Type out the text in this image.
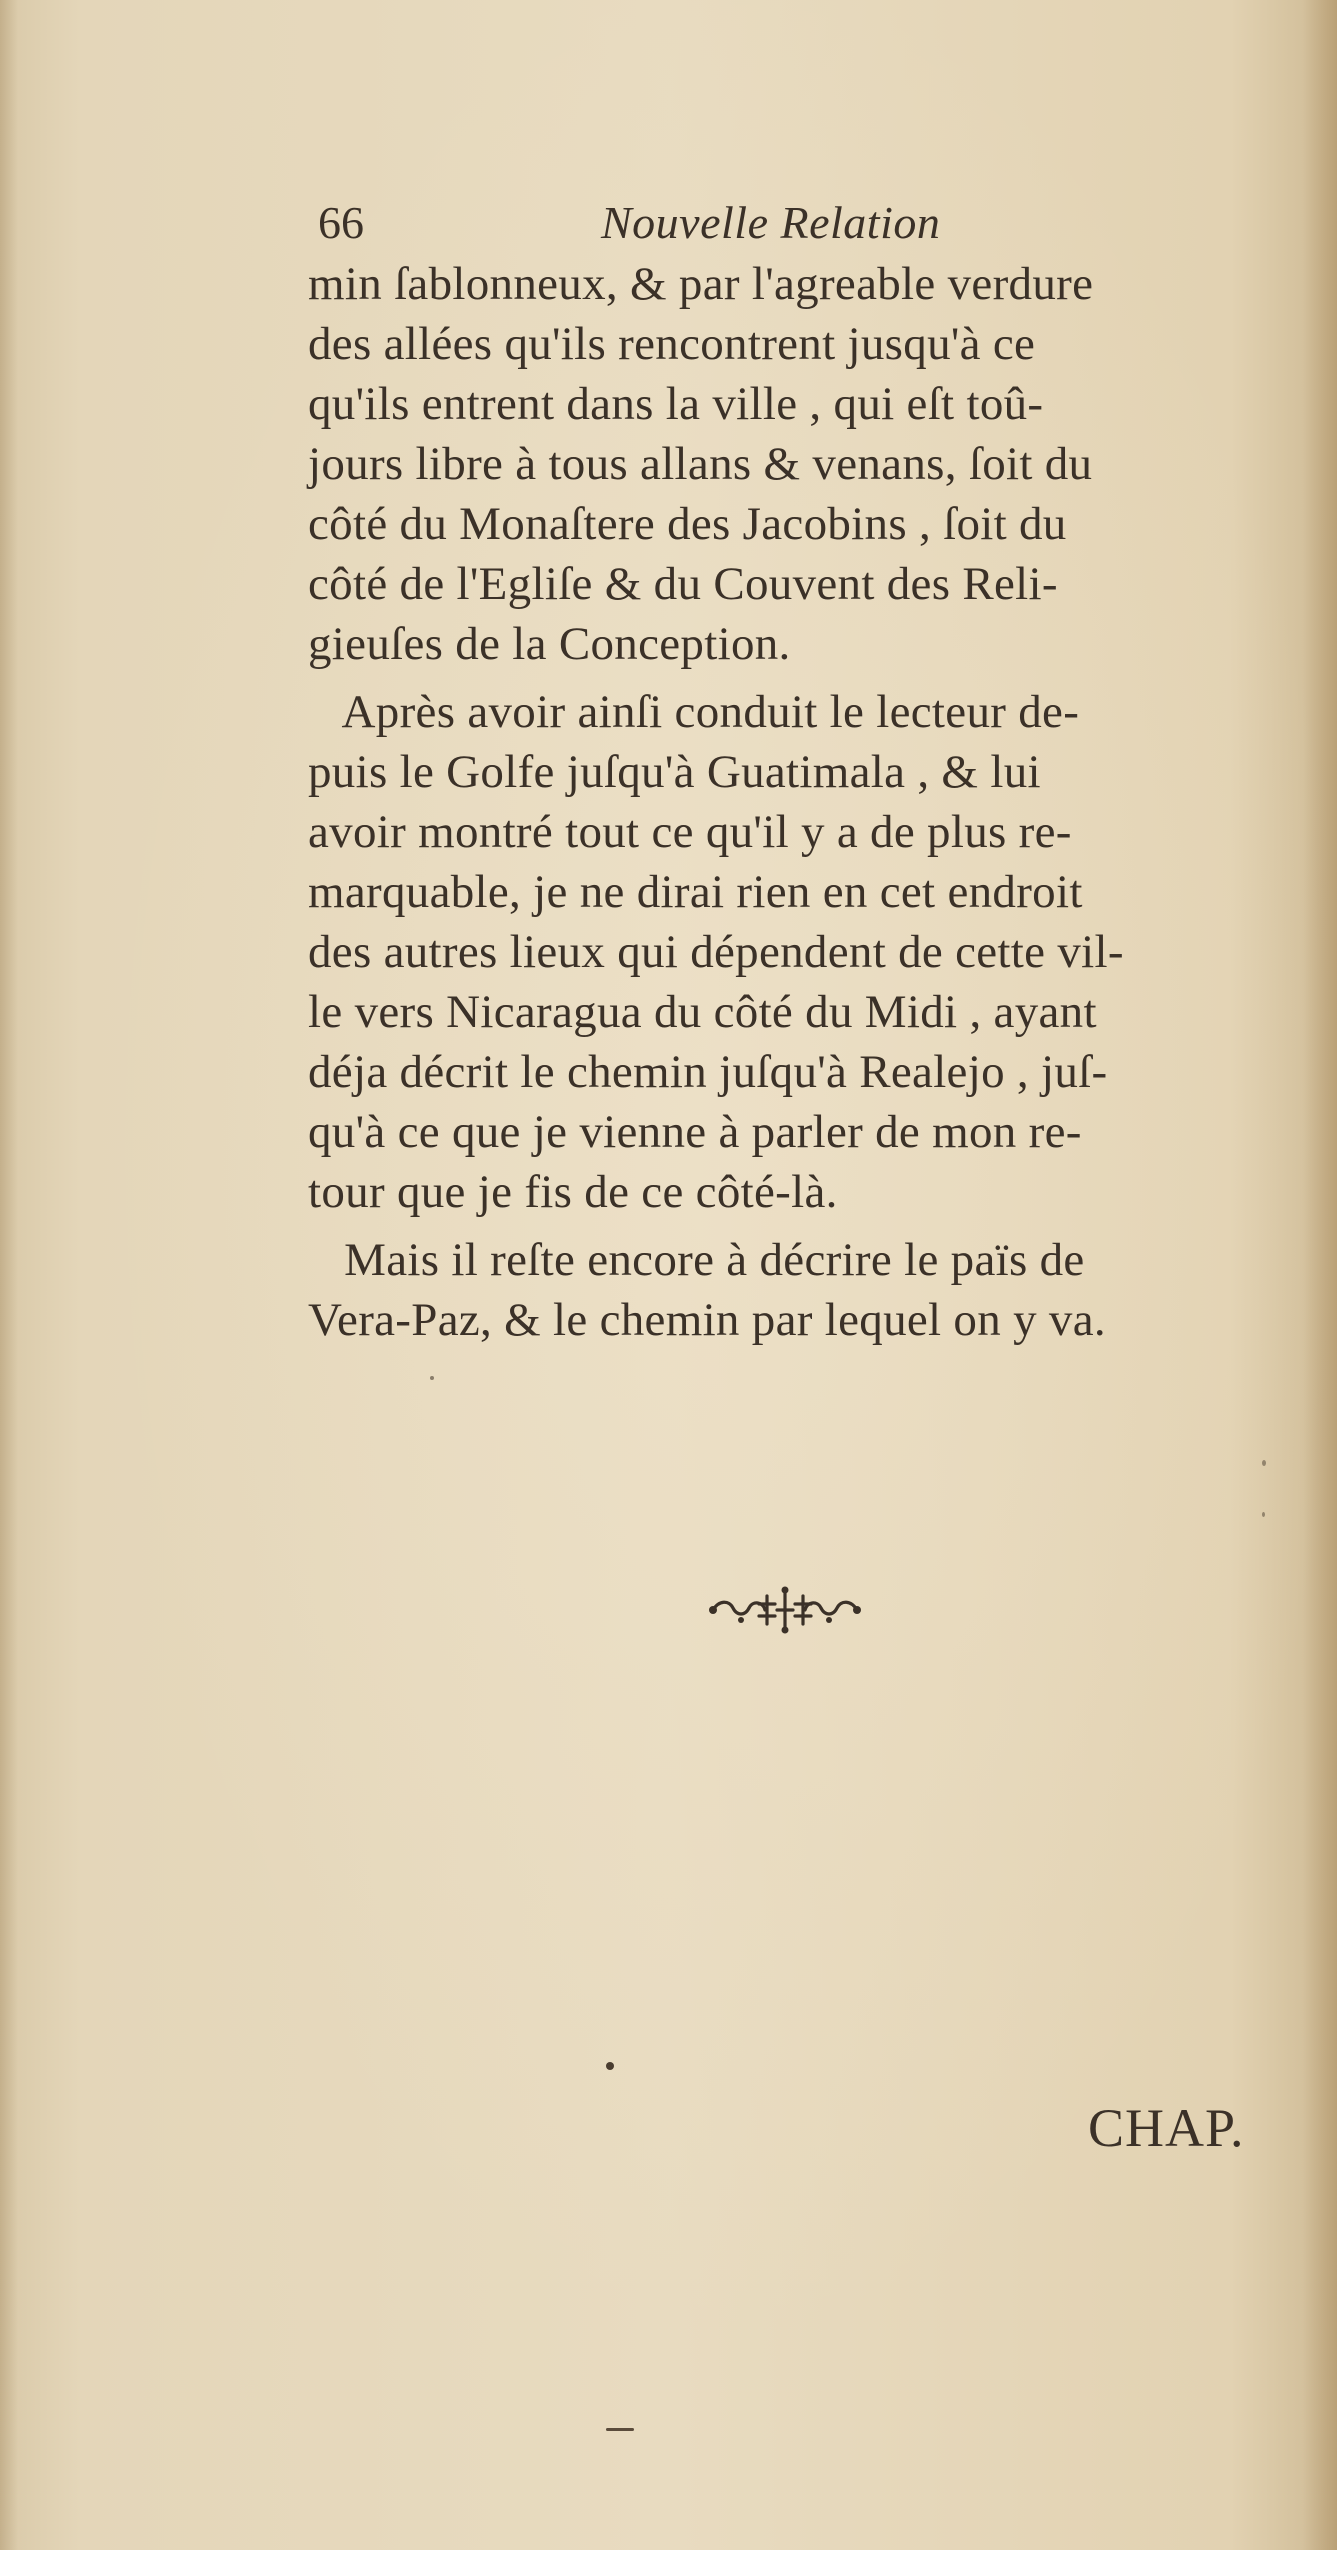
66	Nouvelle Relation
min ſablonneux, & par l'agreable verdure
des allées qu'ils rencontrent jusqu'à ce
qu'ils entrent dans la ville , qui eſt toû-
jours libre à tous allans & venans, ſoit du
côté du Monaſtere des Jacobins , ſoit du
côté de l'Egliſe & du Couvent des Reli-
gieuſes de la Conception.
Après avoir ainſi conduit le lecteur de-
puis le Golfe juſqu'à Guatimala , & lui
avoir montré tout ce qu'il y a de plus re-
marquable, je ne dirai rien en cet endroit
des autres lieux qui dépendent de cette vil-
le vers Nicaragua du côté du Midi , ayant
déja décrit le chemin juſqu'à Realejo , juſ-
qu'à ce que je vienne à parler de mon re-
tour que je fis de ce côté-là.
Mais il reſte encore à décrire le païs de
Vera-Paz, & le chemin par lequel on y va.
CHAP.
